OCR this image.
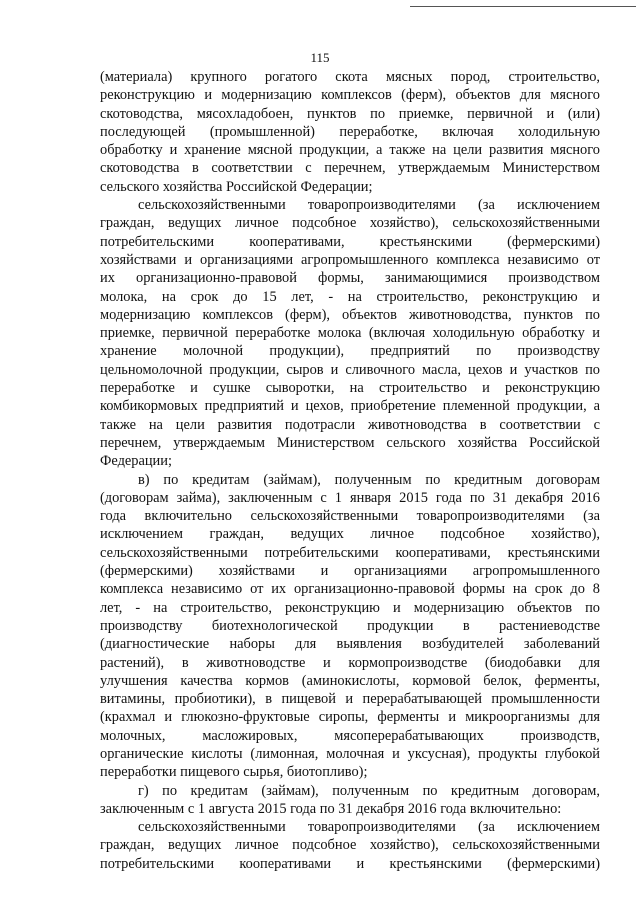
115
(материала) крупного рогатого скота мясных пород, строительство,
реконструкцию и модернизацию комплексов (ферм), объектов для мясного
скотоводства, мясохладобоен, пунктов по приемке, первичной и (или)
последующей (промышленной) переработке, включая холодильную
обработку и хранение мясной продукции, а также на цели развития мясного
скотоводства в соответствии с перечнем, утверждаемым Министерством
сельского хозяйства Российской Федерации;
сельскохозяйственными товаропроизводителями (за исключением
граждан, ведущих личное подсобное хозяйство), сельскохозяйственными
потребительскими кооперативами, крестьянскими (фермерскими)
хозяйствами и организациями агропромышленного комплекса независимо от
их организационно-правовой формы, занимающимися производством
молока, на срок до 15 лет, - на строительство, реконструкцию и
модернизацию комплексов (ферм), объектов животноводства, пунктов по
приемке, первичной переработке молока (включая холодильную обработку и
хранение молочной продукции), предприятий по производству
цельномолочной продукции, сыров и сливочного масла, цехов и участков по
переработке и сушке сыворотки, на строительство и реконструкцию
комбикормовых предприятий и цехов, приобретение племенной продукции, а
также на цели развития подотрасли животноводства в соответствии с
перечнем, утверждаемым Министерством сельского хозяйства Российской
Федерации;
в) по кредитам (займам), полученным по кредитным договорам
(договорам займа), заключенным с 1 января 2015 года по 31 декабря 2016
года включительно сельскохозяйственными товаропроизводителями (за
исключением граждан, ведущих личное подсобное хозяйство),
сельскохозяйственными потребительскими кооперативами, крестьянскими
(фермерскими) хозяйствами и организациями агропромышленного
комплекса независимо от их организационно-правовой формы на срок до 8
лет, - на строительство, реконструкцию и модернизацию объектов по
производству биотехнологической продукции в растениеводстве
(диагностические наборы для выявления возбудителей заболеваний
растений), в животноводстве и кормопроизводстве (биодобавки для
улучшения качества кормов (аминокислоты, кормовой белок, ферменты,
витамины, пробиотики), в пищевой и перерабатывающей промышленности
(крахмал и глюкозно-фруктовые сиропы, ферменты и микроорганизмы для
молочных, масложировых, мясоперерабатывающих производств,
органические кислоты (лимонная, молочная и уксусная), продукты глубокой
переработки пищевого сырья, биотопливо);
г) по кредитам (займам), полученным по кредитным договорам,
заключенным с 1 августа 2015 года по 31 декабря 2016 года включительно:
сельскохозяйственными товаропроизводителями (за исключением
граждан, ведущих личное подсобное хозяйство), сельскохозяйственными
потребительскими кооперативами и крестьянскими (фермерскими)
